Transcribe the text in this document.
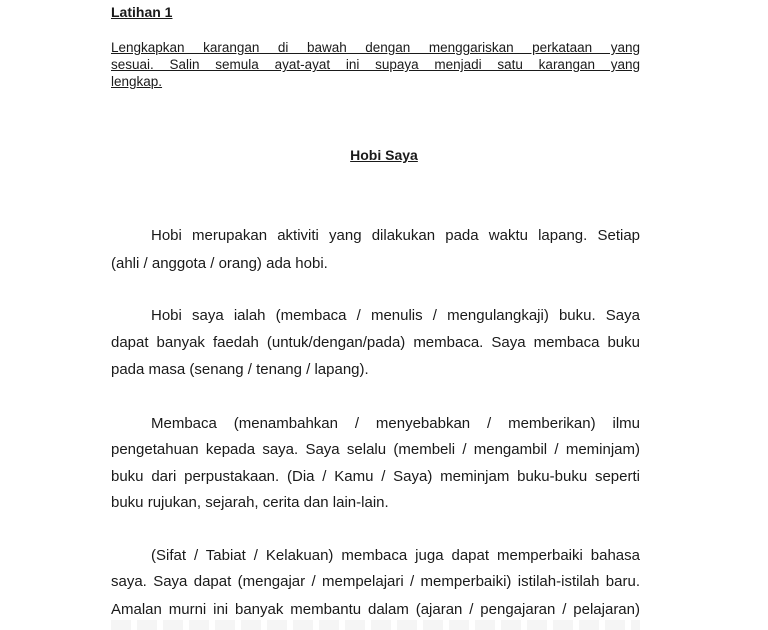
Latihan 1
Lengkapkan karangan di bawah dengan menggariskan perkataan yang
sesuai. Salin semula ayat-ayat ini supaya menjadi satu karangan yang
lengkap.
Hobi Saya
Hobi merupakan aktiviti yang dilakukan pada waktu lapang. Setiap
(ahli / anggota / orang) ada hobi.
Hobi saya ialah (membaca / menulis / mengulangkaji) buku. Saya
dapat banyak faedah (untuk/dengan/pada) membaca. Saya membaca buku
pada masa (senang / tenang / lapang).
Membaca (menambahkan / menyebabkan / memberikan) ilmu
pengetahuan kepada saya. Saya selalu (membeli / mengambil / meminjam)
buku dari perpustakaan. (Dia / Kamu / Saya) meminjam buku-buku seperti
buku rujukan, sejarah, cerita dan lain-lain.
(Sifat / Tabiat / Kelakuan) membaca juga dapat memperbaiki bahasa
saya. Saya dapat (mengajar / mempelajari / memperbaiki) istilah-istilah baru.
Amalan murni ini banyak membantu dalam (ajaran / pengajaran / pelajaran)
